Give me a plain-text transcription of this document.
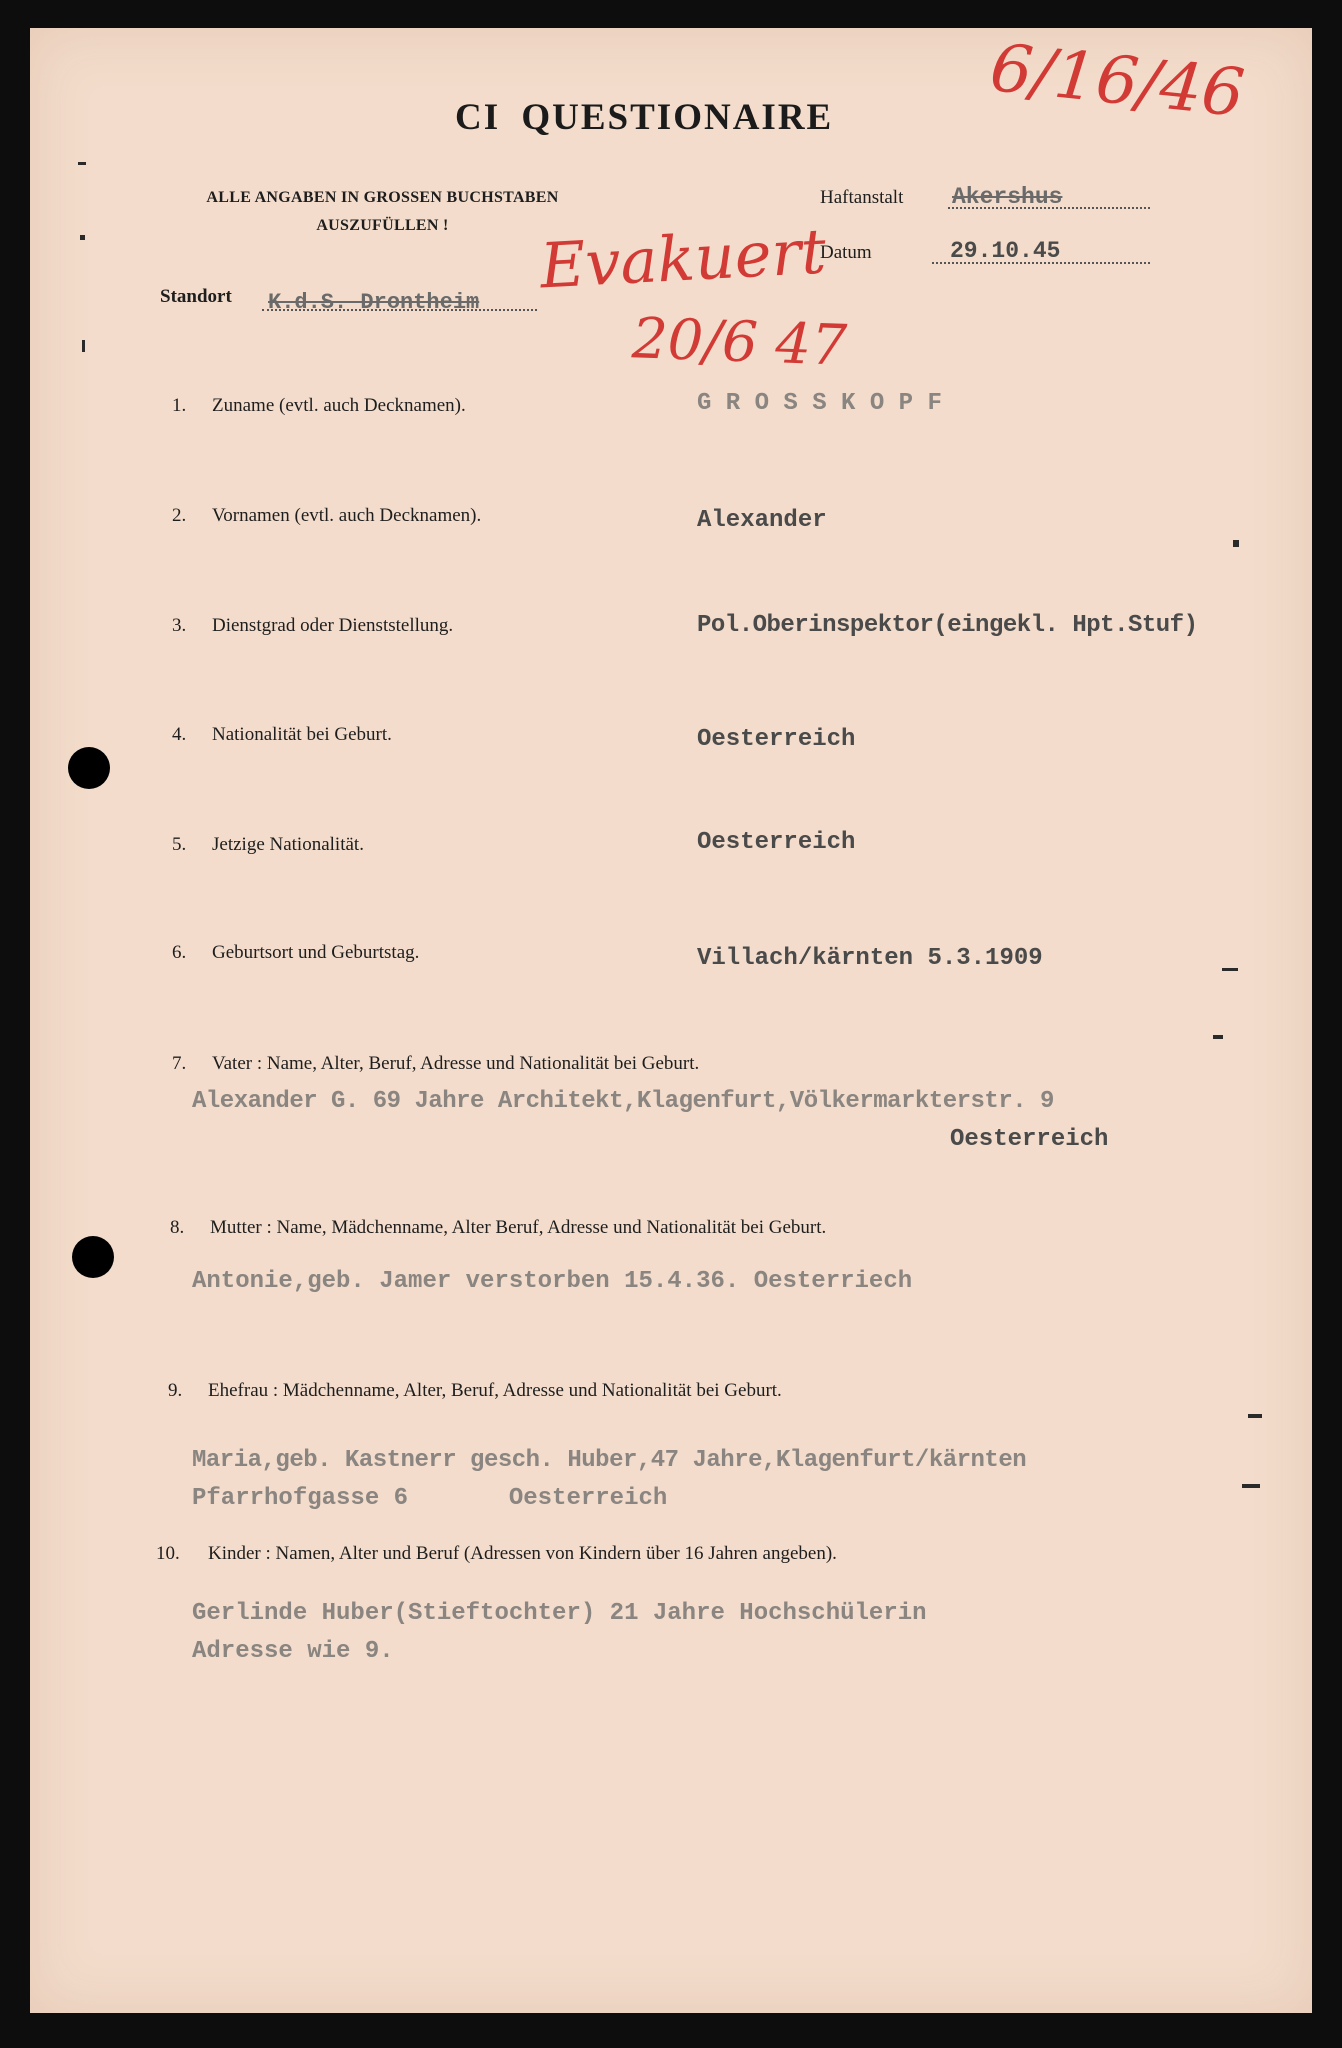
CI QUESTIONAIRE
ALLE ANGABEN IN GROSSEN BUCHSTABEN
AUSZUFÜLLEN !
Haftanstalt Akershus
Datum	29.10.45
Standort K.d.S. Drontheim
6/16/46
Evakuert
20/6 47
1. Zuname (evtl. auch Decknamen).	G R O S S K O P F
2. Vornamen (evtl. auch Decknamen).	Alexander
3. Dienstgrad oder Dienststellung.	Pol.Oberinspektor(eingekl. Hpt.Stuf)
4. Nationalität bei Geburt.	Oesterreich
5. Jetzige Nationalität.	Oesterreich
6. Geburtsort und Geburtstag.	Villach/kärnten 5.3.1909
7. Vater : Name, Alter, Beruf, Adresse und Nationalität bei Geburt.
Alexander G. 69 Jahre Architekt,Klagenfurt,Völkermarkterstr. 9
Oesterreich
8. Mutter : Name, Mädchenname, Alter Beruf, Adresse und Nationalität bei Geburt.
Antonie,geb. Jamer verstorben 15.4.36. Oesterriech
9. Ehefrau : Mädchenname, Alter, Beruf, Adresse und Nationalität bei Geburt.
Maria,geb. Kastnerr gesch. Huber,47 Jahre,Klagenfurt/kärnten
Pfarrhofgasse 6       Oesterreich
10. Kinder : Namen, Alter und Beruf (Adressen von Kindern über 16 Jahren angeben).
Gerlinde Huber(Stieftochter) 21 Jahre Hochschülerin
Adresse wie 9.
